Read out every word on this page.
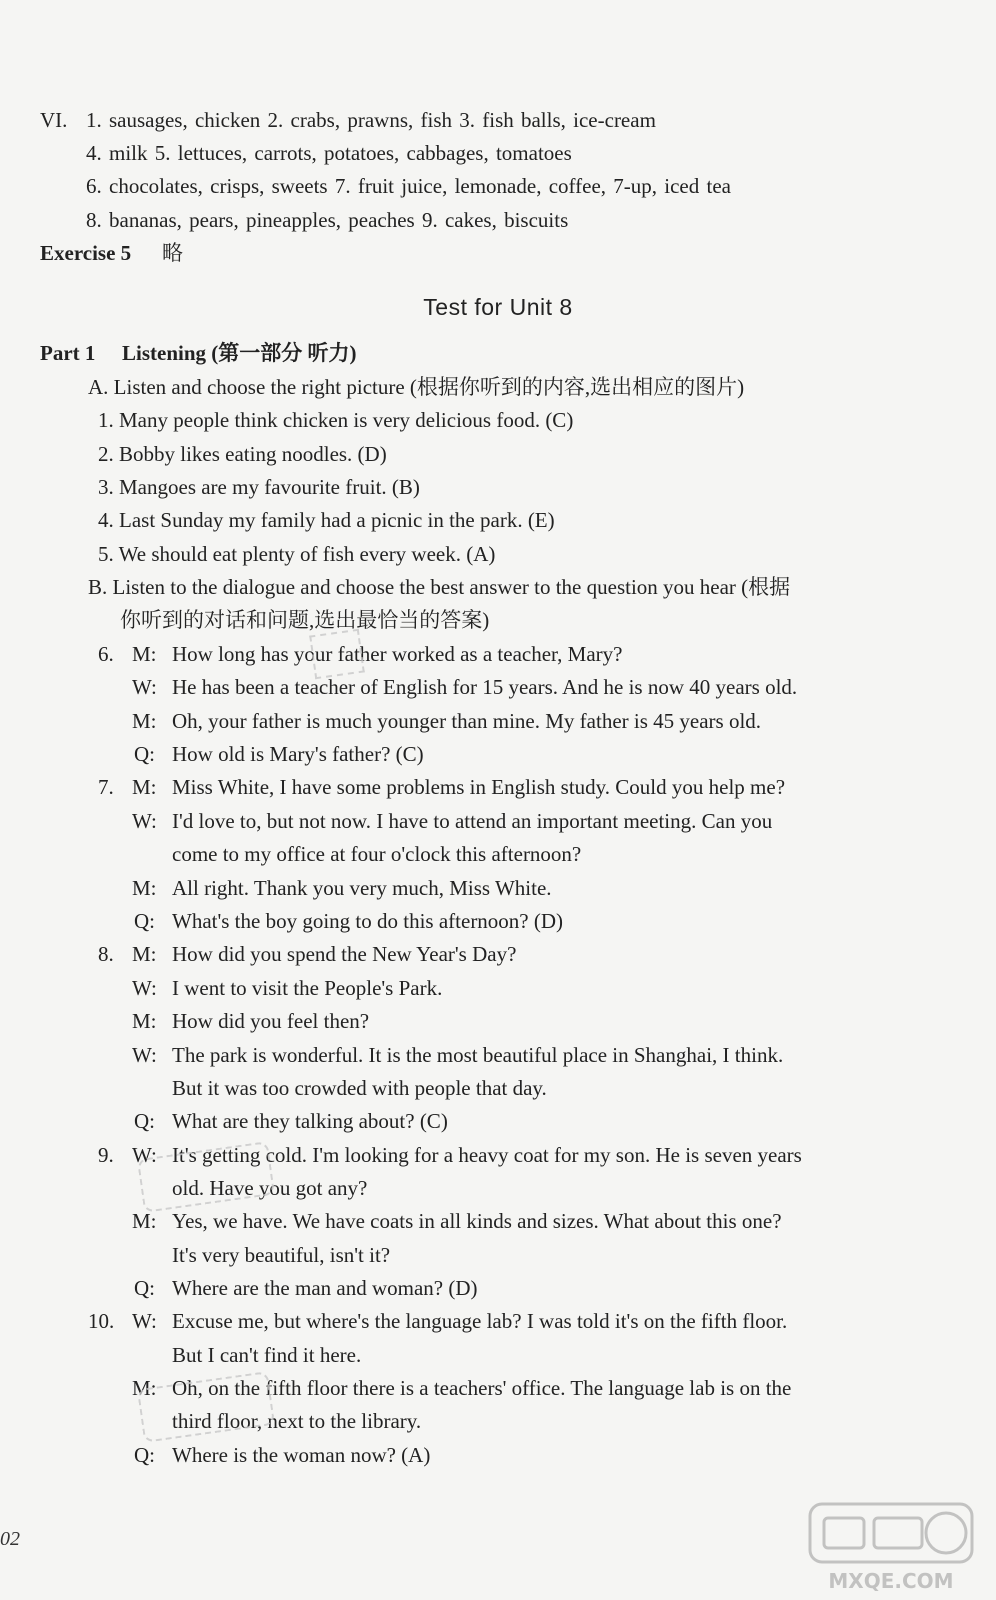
VI. 1. sausages, chicken 2. crabs, prawns, fish 3. fish balls, ice-cream
4. milk 5. lettuces, carrots, potatoes, cabbages, tomatoes
6. chocolates, crisps, sweets 7. fruit juice, lemonade, coffee, 7-up, iced tea
8. bananas, pears, pineapples, peaches 9. cakes, biscuits
Exercise 5 略
Test for Unit 8
Part 1 Listening (第一部分 听力)
A. Listen and choose the right picture (根据你听到的内容,选出相应的图片)
1. Many people think chicken is very delicious food. (C)
2. Bobby likes eating noodles. (D)
3. Mangoes are my favourite fruit. (B)
4. Last Sunday my family had a picnic in the park. (E)
5. We should eat plenty of fish every week. (A)
B. Listen to the dialogue and choose the best answer to the question you hear (根据
你听到的对话和问题,选出最恰当的答案)
6. M: How long has your father worked as a teacher, Mary?
W: He has been a teacher of English for 15 years. And he is now 40 years old.
M: Oh, your father is much younger than mine. My father is 45 years old.
Q: How old is Mary's father? (C)
7. M: Miss White, I have some problems in English study. Could you help me?
W: I'd love to, but not now. I have to attend an important meeting. Can you
come to my office at four o'clock this afternoon?
M: All right. Thank you very much, Miss White.
Q: What's the boy going to do this afternoon? (D)
8. M: How did you spend the New Year's Day?
W: I went to visit the People's Park.
M: How did you feel then?
W: The park is wonderful. It is the most beautiful place in Shanghai, I think.
But it was too crowded with people that day.
Q: What are they talking about? (C)
9. W: It's getting cold. I'm looking for a heavy coat for my son. He is seven years
old. Have you got any?
M: Yes, we have. We have coats in all kinds and sizes. What about this one?
It's very beautiful, isn't it?
Q: Where are the man and woman? (D)
10. W: Excuse me, but where's the language lab? I was told it's on the fifth floor.
But I can't find it here.
M: Oh, on the fifth floor there is a teachers' office. The language lab is on the
third floor, next to the library.
Q: Where is the woman now? (A)
02
MXQE.COM
